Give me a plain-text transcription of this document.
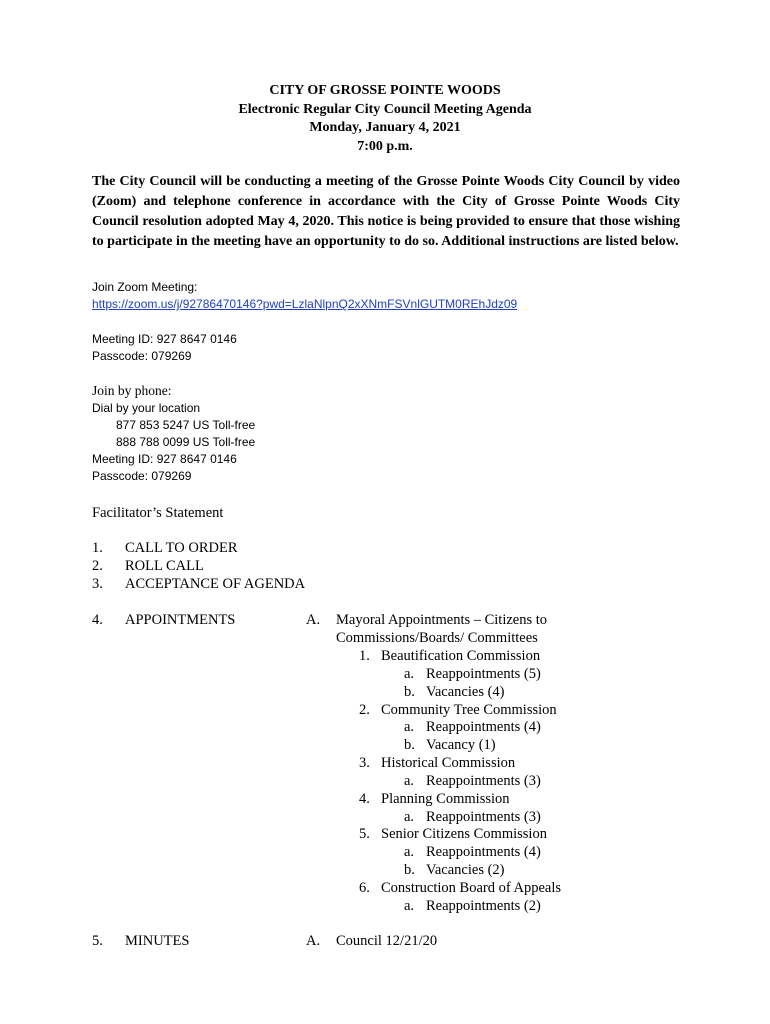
CITY OF GROSSE POINTE WOODS
Electronic Regular City Council Meeting Agenda
Monday, January 4, 2021
7:00 p.m.
The City Council will be conducting a meeting of the Grosse Pointe Woods City Council by video (Zoom) and telephone conference in accordance with the City of Grosse Pointe Woods City Council resolution adopted May 4, 2020. This notice is being provided to ensure that those wishing to participate in the meeting have an opportunity to do so. Additional instructions are listed below.
Join Zoom Meeting:
https://zoom.us/j/92786470146?pwd=LzlaNlpnQ2xXNmFSVnlGUTM0REhJdz09
Meeting ID: 927 8647 0146
Passcode: 079269
Join by phone:
Dial by your location
877 853 5247 US Toll-free
888 788 0099 US Toll-free
Meeting ID: 927 8647 0146
Passcode: 079269
Facilitator’s Statement
1. CALL TO ORDER
2. ROLL CALL
3. ACCEPTANCE OF AGENDA
4. APPOINTMENTS	A. Mayoral Appointments – Citizens to
Commissions/Boards/ Committees
1. Beautification Commission
a. Reappointments (5)
b. Vacancies (4)
2. Community Tree Commission
a. Reappointments (4)
b. Vacancy (1)
3. Historical Commission
a. Reappointments (3)
4. Planning Commission
a. Reappointments (3)
5. Senior Citizens Commission
a. Reappointments (4)
b. Vacancies (2)
6. Construction Board of Appeals
a. Reappointments (2)
5. MINUTES	A. Council 12/21/20
